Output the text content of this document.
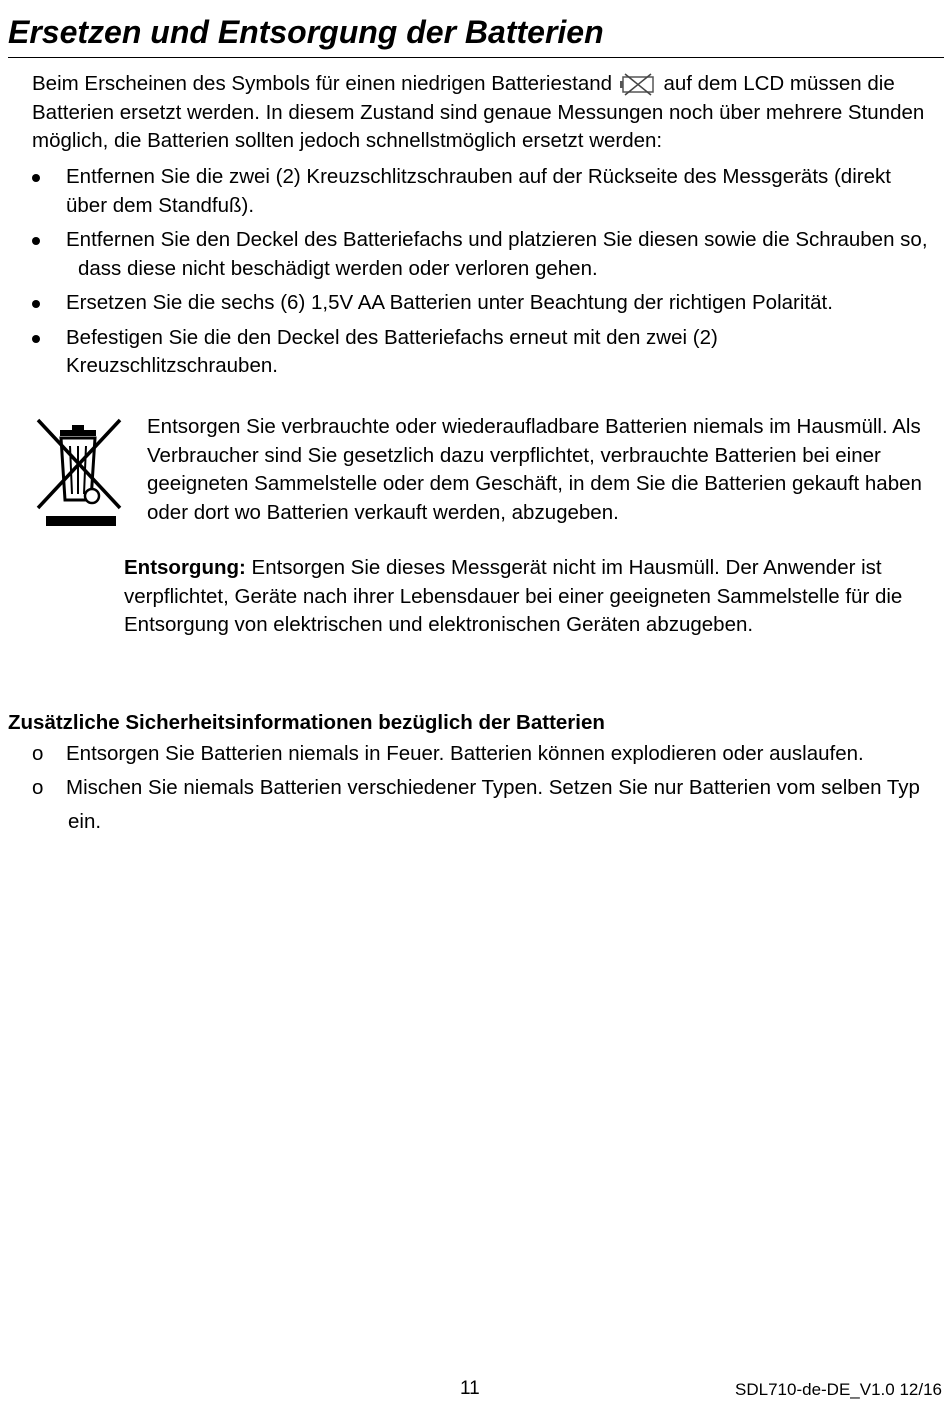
Ersetzen und Entsorgung der Batterien

Beim Erscheinen des Symbols für einen niedrigen Batteriestand	auf dem LCD müssen die Batterien ersetzt werden. In diesem Zustand sind genaue Messungen noch über mehrere Stunden möglich, die Batterien sollten jedoch schnellstmöglich ersetzt werden:

Entfernen Sie die zwei (2) Kreuzschlitzschrauben auf der Rückseite des Messgeräts (direkt
über dem Standfuß).
Entfernen Sie den Deckel des Batteriefachs und platzieren Sie diesen sowie die Schrauben so,
dass diese nicht beschädigt werden oder verloren gehen.
Ersetzen Sie die sechs (6) 1,5V AA Batterien unter Beachtung der richtigen Polarität.
Befestigen Sie die den Deckel des Batteriefachs erneut mit den zwei (2)
Kreuzschlitzschrauben.

Entsorgen Sie verbrauchte oder wiederaufladbare Batterien niemals im Hausmüll. Als Verbraucher sind Sie gesetzlich dazu verpflichtet, verbrauchte Batterien bei einer geeigneten Sammelstelle oder dem Geschäft, in dem Sie die Batterien gekauft haben oder dort wo Batterien verkauft werden, abzugeben.

Entsorgung: Entsorgen Sie dieses Messgerät nicht im Hausmüll. Der Anwender ist verpflichtet, Geräte nach ihrer Lebensdauer bei einer geeigneten Sammelstelle für die Entsorgung von elektrischen und elektronischen Geräten abzugeben.

Zusätzliche Sicherheitsinformationen bezüglich der Batterien
o Entsorgen Sie Batterien niemals in Feuer. Batterien können explodieren oder auslaufen.
o Mischen Sie niemals Batterien verschiedener Typen. Setzen Sie nur Batterien vom selben Typ
ein.

11	SDL710-de-DE_V1.0 12/16
